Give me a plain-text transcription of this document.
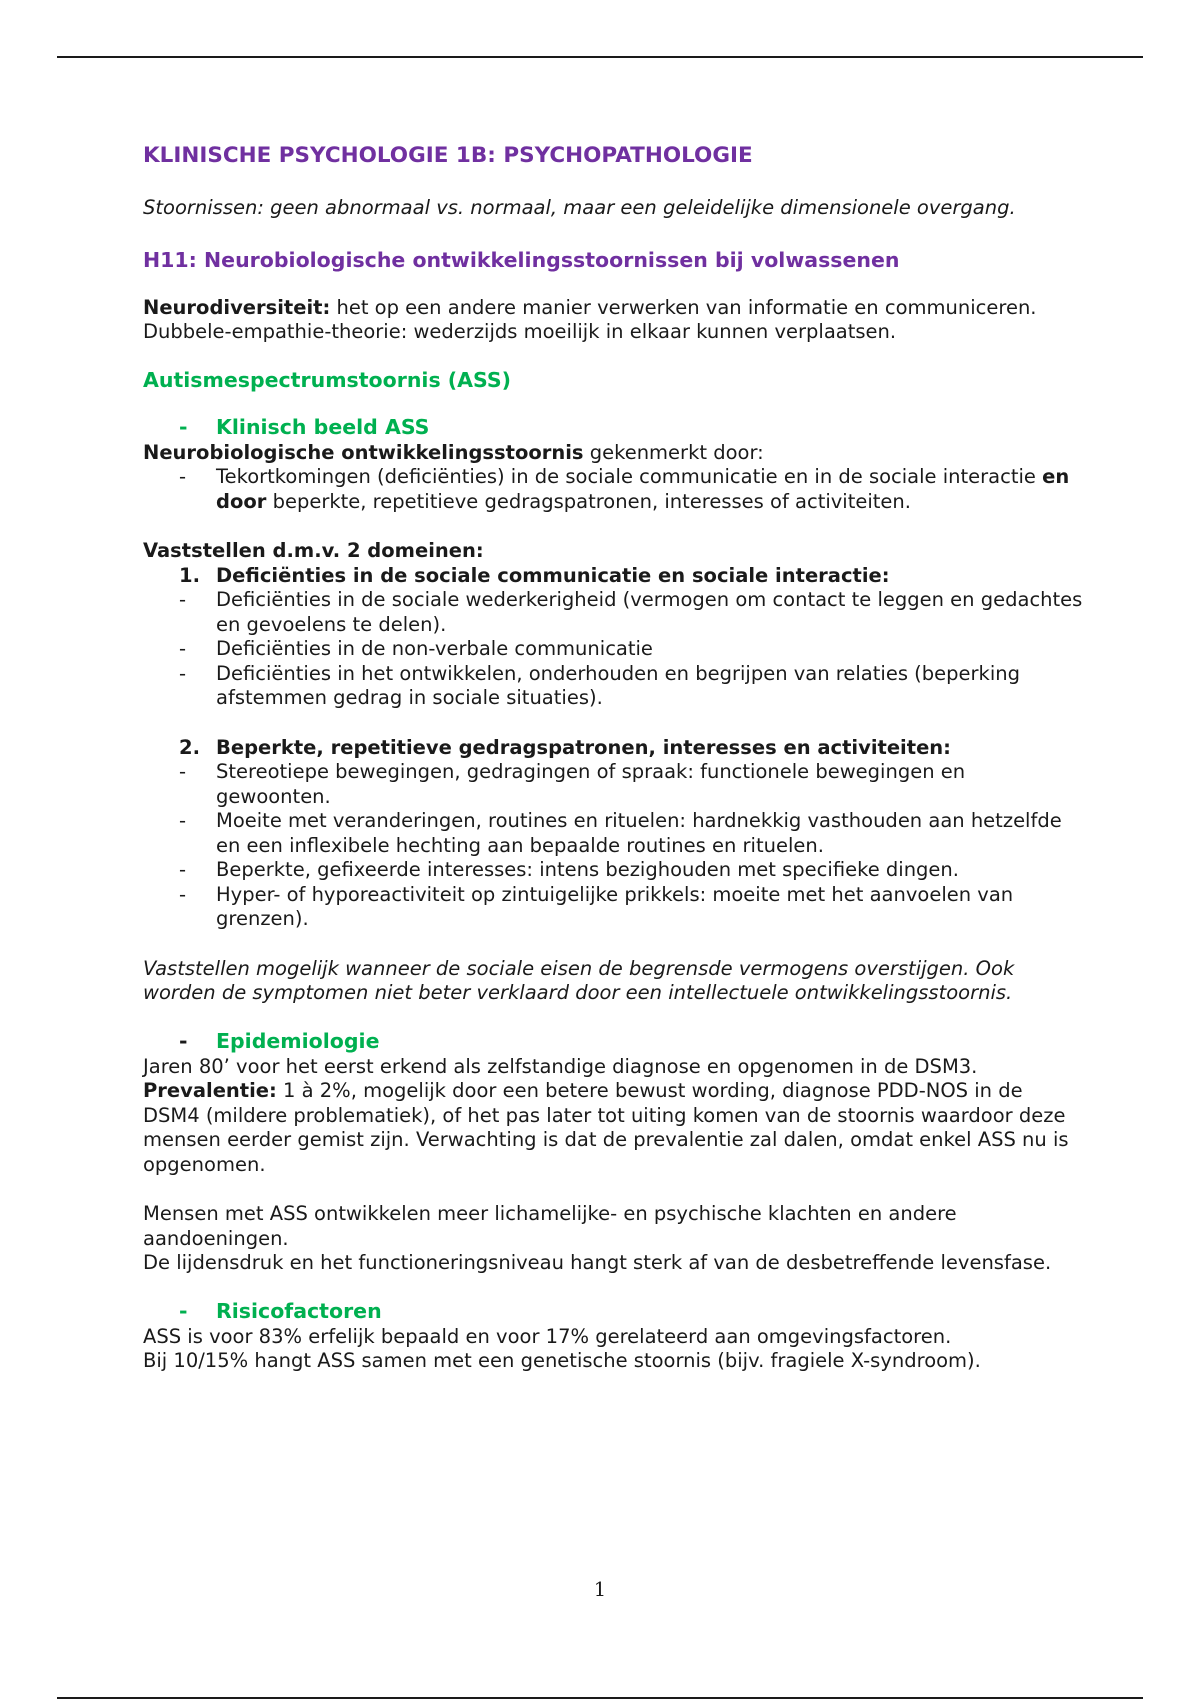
KLINISCHE PSYCHOLOGIE 1B: PSYCHOPATHOLOGIE

Stoornissen: geen abnormaal vs. normaal, maar een geleidelijke dimensionele overgang.

H11: Neurobiologische ontwikkelingsstoornissen bij volwassenen

Neurodiversiteit: het op een andere manier verwerken van informatie en communiceren.

Dubbele-empathie-theorie: wederzijds moeilijk in elkaar kunnen verplaatsen.

Autismespectrumstoornis (ASS)

-	Klinisch beeld ASS

Neurobiologische ontwikkelingsstoornis gekenmerkt door:

-	Tekortkomingen (deficiënties) in de sociale communicatie en in de sociale interactie en door beperkte, repetitieve gedragspatronen, interesses of activiteiten.

Vaststellen d.m.v. 2 domeinen:

1. Deficiënties in de sociale communicatie en sociale interactie:
-	Deficiënties in de sociale wederkerigheid (vermogen om contact te leggen en gedachtes en gevoelens te delen).
-	Deficiënties in de non-verbale communicatie
-	Deficiënties in het ontwikkelen, onderhouden en begrijpen van relaties (beperking afstemmen gedrag in sociale situaties).
2. Beperkte, repetitieve gedragspatronen, interesses en activiteiten:
-	Stereotiepe bewegingen, gedragingen of spraak: functionele bewegingen en gewoonten.
-	Moeite met veranderingen, routines en rituelen: hardnekkig vasthouden aan hetzelfde en een inflexibele hechting aan bepaalde routines en rituelen.
-	Beperkte, gefixeerde interesses: intens bezighouden met specifieke dingen.
-	Hyper- of hyporeactiviteit op zintuigelijke prikkels: moeite met het aanvoelen van grenzen).

Vaststellen mogelijk wanneer de sociale eisen de begrensde vermogens overstijgen. Ook worden de symptomen niet beter verklaard door een intellectuele ontwikkelingsstoornis.

-	Epidemiologie

Jaren 80’ voor het eerst erkend als zelfstandige diagnose en opgenomen in de DSM3.

Prevalentie: 1 à 2%, mogelijk door een betere bewust wording, diagnose PDD-NOS in de DSM4 (mildere problematiek), of het pas later tot uiting komen van de stoornis waardoor deze mensen eerder gemist zijn. Verwachting is dat de prevalentie zal dalen, omdat enkel ASS nu is opgenomen.

Mensen met ASS ontwikkelen meer lichamelijke- en psychische klachten en andere aandoeningen.

De lijdensdruk en het functioneringsniveau hangt sterk af van de desbetreffende levensfase.

-	Risicofactoren

ASS is voor 83% erfelijk bepaald en voor 17% gerelateerd aan omgevingsfactoren.

Bij 10/15% hangt ASS samen met een genetische stoornis (bijv. fragiele X-syndroom).

1
